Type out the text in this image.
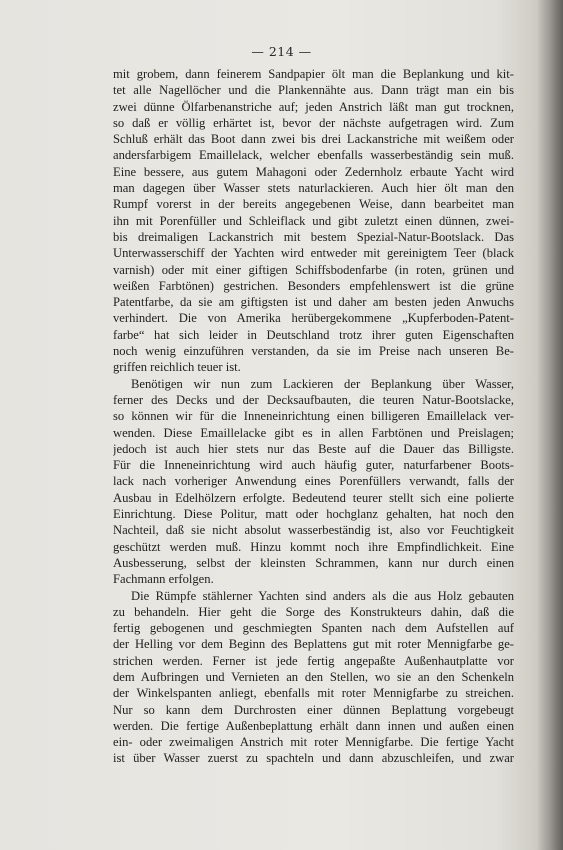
— 214 —
mit grobem, dann feinerem Sandpapier ölt man die Beplankung und kit-
tet alle Nagellöcher und die Plankennähte aus. Dann trägt man ein bis
zwei dünne Ölfarbenanstriche auf; jeden Anstrich läßt man gut trocknen,
so daß er völlig erhärtet ist, bevor der nächste aufgetragen wird. Zum
Schluß erhält das Boot dann zwei bis drei Lackanstriche mit weißem oder
andersfarbigem Emaillelack, welcher ebenfalls wasserbeständig sein muß.
Eine bessere, aus gutem Mahagoni oder Zedernholz erbaute Yacht wird
man dagegen über Wasser stets naturlackieren. Auch hier ölt man den
Rumpf vorerst in der bereits angegebenen Weise, dann bearbeitet man
ihn mit Porenfüller und Schleiflack und gibt zuletzt einen dünnen, zwei-
bis dreimaligen Lackanstrich mit bestem Spezial-Natur-Bootslack. Das
Unterwasserschiff der Yachten wird entweder mit gereinigtem Teer (black
varnish) oder mit einer giftigen Schiffsbodenfarbe (in roten, grünen und
weißen Farbtönen) gestrichen. Besonders empfehlenswert ist die grüne
Patentfarbe, da sie am giftigsten ist und daher am besten jeden Anwuchs
verhindert. Die von Amerika herübergekommene „Kupferboden-Patent-
farbe“ hat sich leider in Deutschland trotz ihrer guten Eigenschaften
noch wenig einzuführen verstanden, da sie im Preise nach unseren Be-
griffen reichlich teuer ist.
Benötigen wir nun zum Lackieren der Beplankung über Wasser,
ferner des Decks und der Decksaufbauten, die teuren Natur-Bootslacke,
so können wir für die Inneneinrichtung einen billigeren Emaillelack ver-
wenden. Diese Emaillelacke gibt es in allen Farbtönen und Preislagen;
jedoch ist auch hier stets nur das Beste auf die Dauer das Billigste.
Für die Inneneinrichtung wird auch häufig guter, naturfarbener Boots-
lack nach vorheriger Anwendung eines Porenfüllers verwandt, falls der
Ausbau in Edelhölzern erfolgte. Bedeutend teurer stellt sich eine polierte
Einrichtung. Diese Politur, matt oder hochglanz gehalten, hat noch den
Nachteil, daß sie nicht absolut wasserbeständig ist, also vor Feuchtigkeit
geschützt werden muß. Hinzu kommt noch ihre Empfindlichkeit. Eine
Ausbesserung, selbst der kleinsten Schrammen, kann nur durch einen
Fachmann erfolgen.
Die Rümpfe stählerner Yachten sind anders als die aus Holz gebauten
zu behandeln. Hier geht die Sorge des Konstrukteurs dahin, daß die
fertig gebogenen und geschmiegten Spanten nach dem Aufstellen auf
der Helling vor dem Beginn des Beplattens gut mit roter Mennigfarbe ge-
strichen werden. Ferner ist jede fertig angepaßte Außenhautplatte vor
dem Aufbringen und Vernieten an den Stellen, wo sie an den Schenkeln
der Winkelspanten anliegt, ebenfalls mit roter Mennigfarbe zu streichen.
Nur so kann dem Durchrosten einer dünnen Beplattung vorgebeugt
werden. Die fertige Außenbeplattung erhält dann innen und außen einen
ein- oder zweimaligen Anstrich mit roter Mennigfarbe. Die fertige Yacht
ist über Wasser zuerst zu spachteln und dann abzuschleifen, und zwar
